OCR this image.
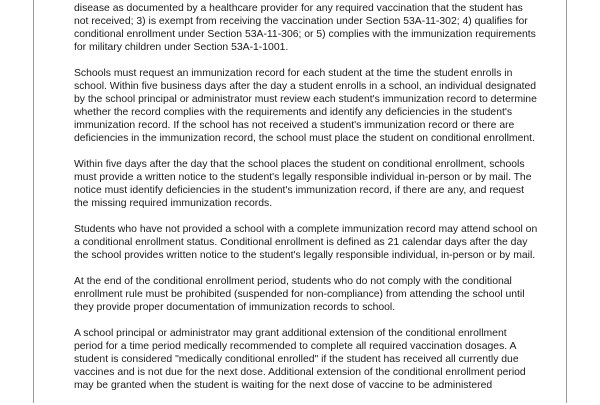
disease as documented by a healthcare provider for any required vaccination that the student has
not received; 3) is exempt from receiving the vaccination under Section 53A-11-302; 4) qualifies for
conditional enrollment under Section 53A-11-306; or 5) complies with the immunization requirements
for military children under Section 53A-1-1001.

Schools must request an immunization record for each student at the time the student enrolls in
school. Within five business days after the day a student enrolls in a school, an individual designated
by the school principal or administrator must review each student's immunization record to determine
whether the record complies with the requirements and identify any deficiencies in the student's
immunization record. If the school has not received a student's immunization record or there are
deficiencies in the immunization record, the school must place the student on conditional enrollment.

Within five days after the day that the school places the student on conditional enrollment, schools
must provide a written notice to the student's legally responsible individual in-person or by mail. The
notice must identify deficiencies in the student's immunization record, if there are any, and request
the missing required immunization records.

Students who have not provided a school with a complete immunization record may attend school on
a conditional enrollment status. Conditional enrollment is defined as 21 calendar days after the day
the school provides written notice to the student's legally responsible individual, in-person or by mail.

At the end of the conditional enrollment period, students who do not comply with the conditional
enrollment rule must be prohibited (suspended for non-compliance) from attending the school until
they provide proper documentation of immunization records to school.

A school principal or administrator may grant additional extension of the conditional enrollment
period for a time period medically recommended to complete all required vaccination dosages. A
student is considered "medically conditional enrolled" if the student has received all currently due
vaccines and is not due for the next dose. Additional extension of the conditional enrollment period
may be granted when the student is waiting for the next dose of vaccine to be administered
